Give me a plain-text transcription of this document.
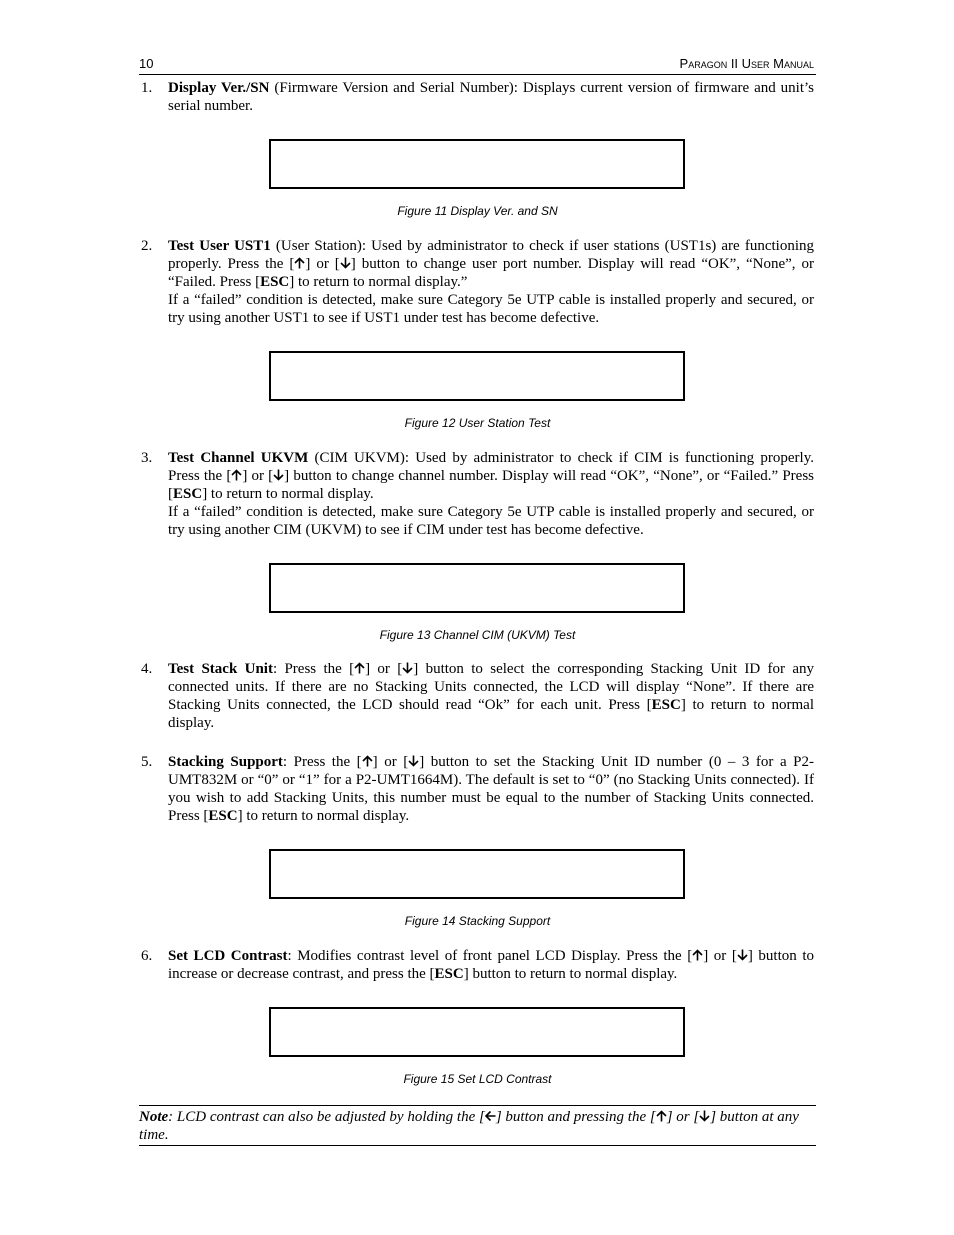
10	Paragon II User Manual
1. Display Ver./SN (Firmware Version and Serial Number): Displays current version of firmware and unit’s serial number.

Figure 11 Display Ver. and SN
2. Test User UST1 (User Station): Used by administrator to check if user stations (UST1s) are functioning properly. Press the [ ] or [ ] button to change user port number. Display will read “OK”, “None”, or “Failed. Press [ESC] to return to normal display.”

If a “failed” condition is detected, make sure Category 5e UTP cable is installed properly and secured, or try using another UST1 to see if UST1 under test has become defective.

Figure 12 User Station Test
3. Test Channel UKVM (CIM UKVM): Used by administrator to check if CIM is functioning properly. Press the [ ] or [ ] button to change channel number. Display will read “OK”, “None”, or “Failed.” Press [ESC] to return to normal display.

If a “failed” condition is detected, make sure Category 5e UTP cable is installed properly and secured, or try using another CIM (UKVM) to see if CIM under test has become defective.

Figure 13 Channel CIM (UKVM) Test
4. Test Stack Unit: Press the [ ] or [ ] button to select the corresponding Stacking Unit ID for any connected units. If there are no Stacking Units connected, the LCD will display “None”. If there are Stacking Units connected, the LCD should read “Ok” for each unit. Press [ESC] to return to normal display.

5. Stacking Support: Press the [ ] or [ ] button to set the Stacking Unit ID number (0 – 3 for a P2-UMT832M or “0” or “1” for a P2-UMT1664M). The default is set to “0” (no Stacking Units connected). If you wish to add Stacking Units, this number must be equal to the number of Stacking Units connected. Press [ESC] to return to normal display.

Figure 14 Stacking Support
6. Set LCD Contrast: Modifies contrast level of front panel LCD Display. Press the [ ] or [ ] button to increase or decrease contrast, and press the [ESC] button to return to normal display.

Figure 15 Set LCD Contrast
Note: LCD contrast can also be adjusted by holding the [ ] button and pressing the [ ] or [ ] button at any time.
